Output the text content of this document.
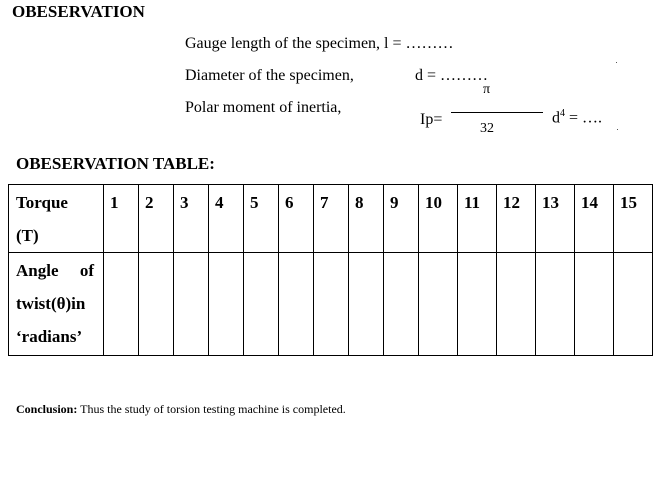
OBESERVATION
Gauge length of the specimen, l = ………
Diameter of the specimen,	d = ………
Polar moment of inertia,
Ip=
π
32
$d^4$ = ….
OBESERVATION TABLE:
Torque
(T)	1	2	3	4	5	6	7	8	9	10	11	12	13	14	15

Angle of
twist(θ)in
‘radians’															

Conclusion: Thus the study of torsion testing machine is completed.
